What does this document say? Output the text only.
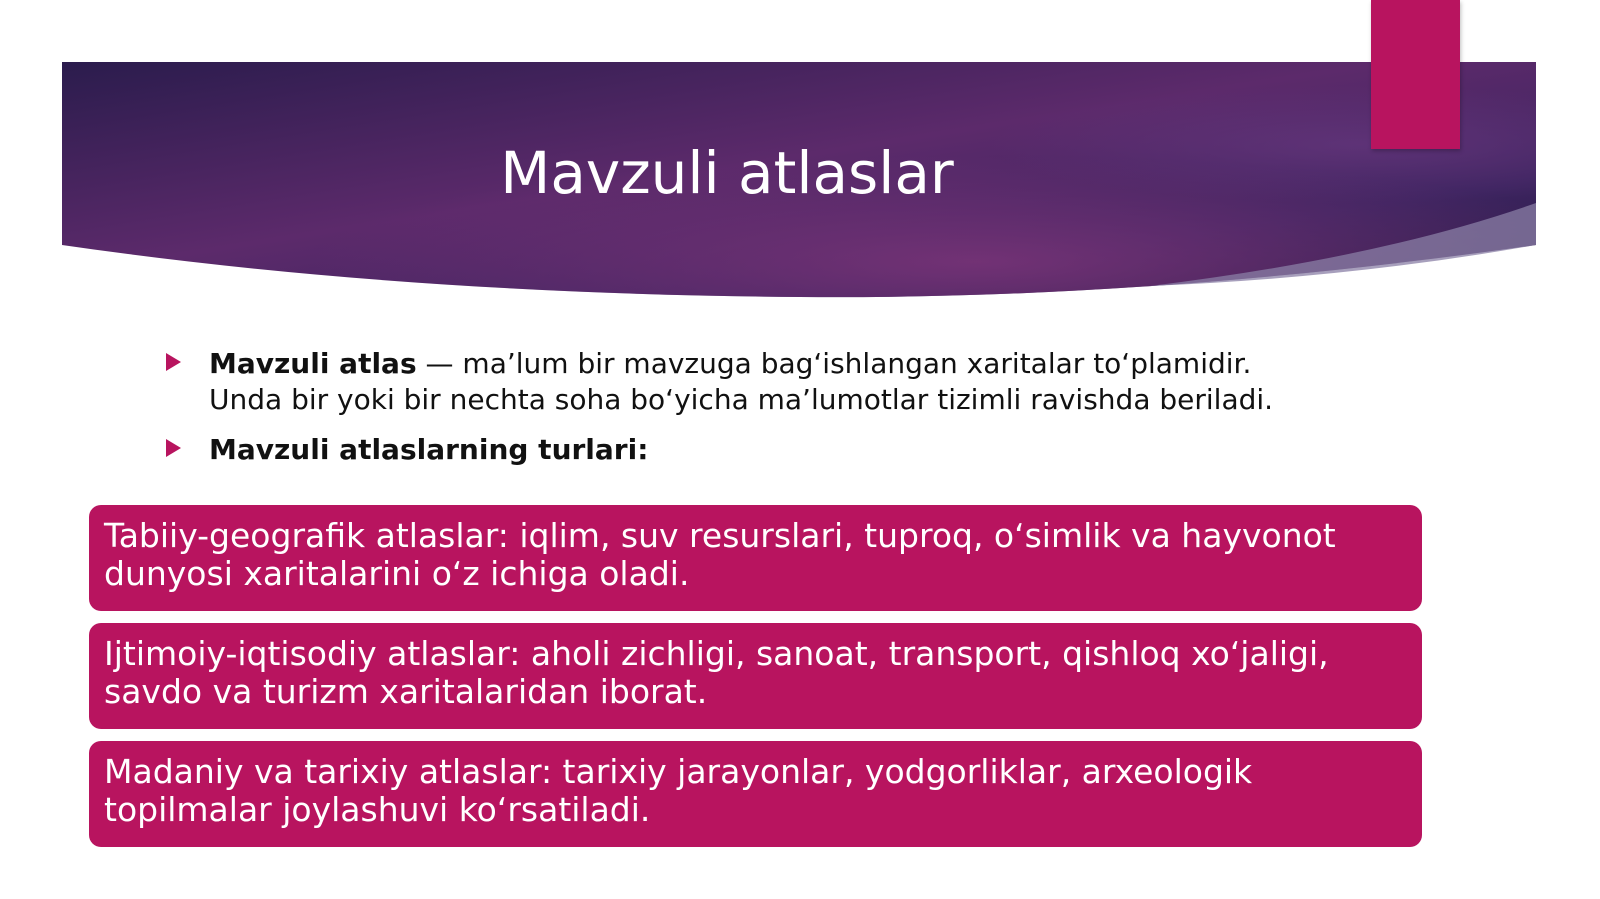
Mavzuli atlaslar
Mavzuli atlas — ma’lum bir mavzuga bag‘ishlangan xaritalar to‘plamidir.
Unda bir yoki bir nechta soha bo‘yicha ma’lumotlar tizimli ravishda beriladi.
Mavzuli atlaslarning turlari:
Tabiiy-geografik atlaslar: iqlim, suv resurslari, tuproq, o‘simlik va hayvonot dunyosi xaritalarini o‘z ichiga oladi.
Ijtimoiy-iqtisodiy atlaslar: aholi zichligi, sanoat, transport, qishloq xo‘jaligi, savdo va turizm xaritalaridan iborat.
Madaniy va tarixiy atlaslar: tarixiy jarayonlar, yodgorliklar, arxeologik topilmalar joylashuvi ko‘rsatiladi.
